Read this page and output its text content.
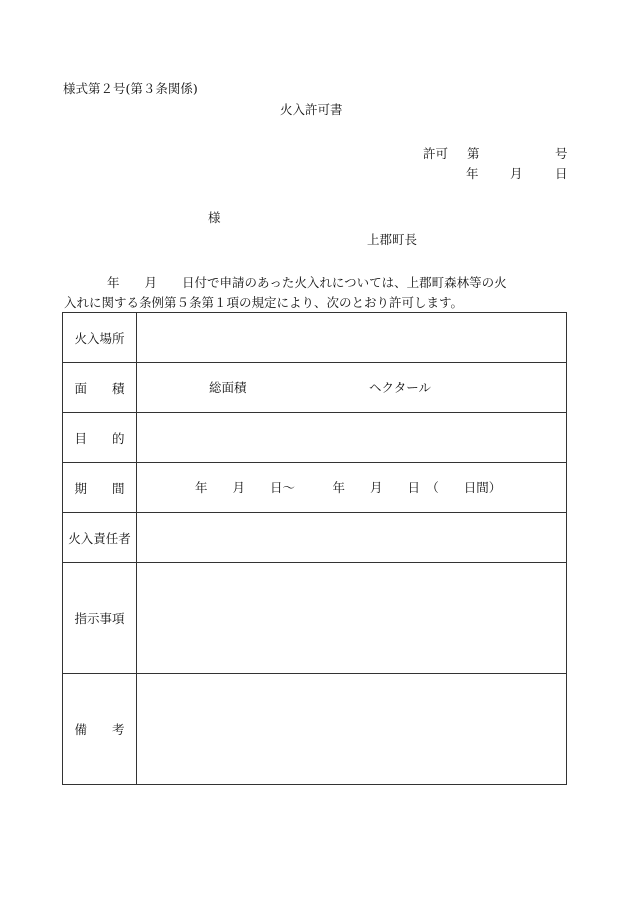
様式第２号(第３条関係)
火入許可書
許可 第	号
年	月	日
様
上郡町長
年　　月　　日付で申請のあった火入れについては、上郡町森林等の火
入れに関する条例第５条第１項の規定により、次のとおり許可します。
火入場所	
面　　積	総面積 ヘクタール

目　　的	
期　　間	年　　月　　日～　　　年　　月　　日　（　　日間）

火入責任者	
指示事項	
備　　考	
